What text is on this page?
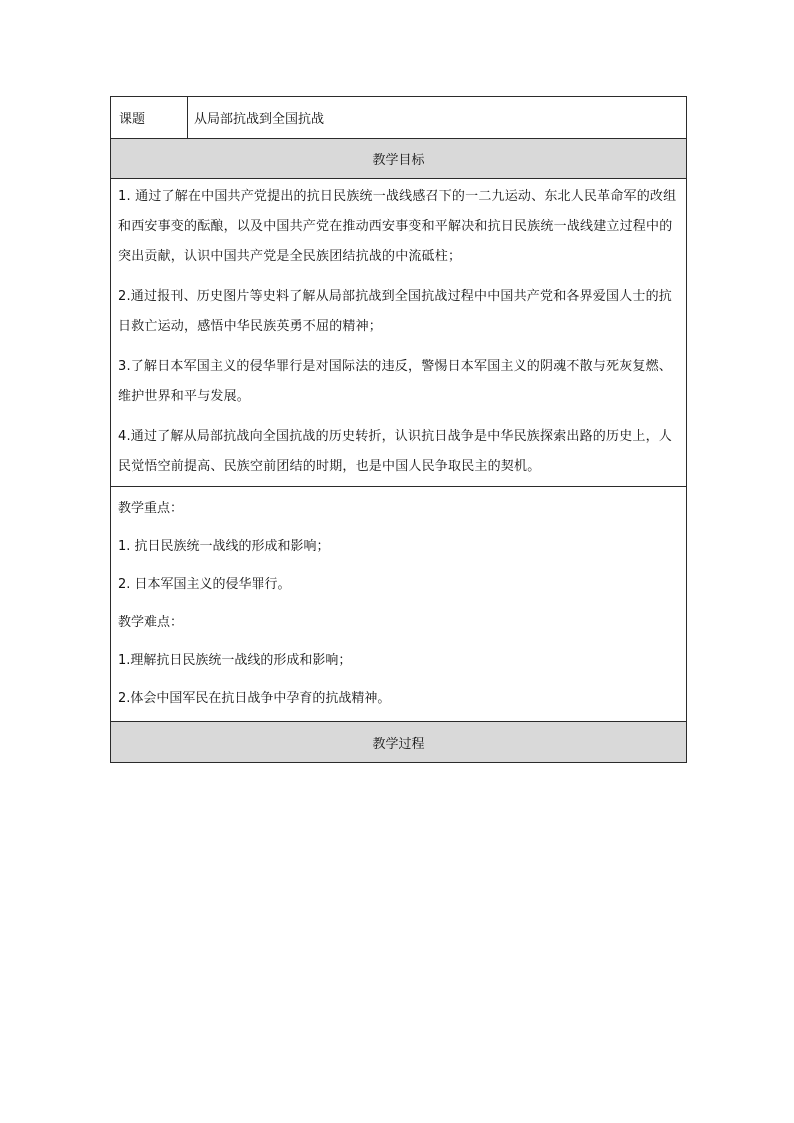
课题	从局部抗战到全国抗战
教学目标

1. 通过了解在中国共产党提出的抗日民族统一战线感召下的一二九运动、东北人民革命军的改组和西安事变的酝酿，以及中国共产党在推动西安事变和平解决和抗日民族统一战线建立过程中的突出贡献，认识中国共产党是全民族团结抗战的中流砥柱；

2.通过报刊、历史图片等史料了解从局部抗战到全国抗战过程中中国共产党和各界爱国人士的抗日救亡运动，感悟中华民族英勇不屈的精神；

3.了解日本军国主义的侵华罪行是对国际法的违反，警惕日本军国主义的阴魂不散与死灰复燃、维护世界和平与发展。

4.通过了解从局部抗战向全国抗战的历史转折，认识抗日战争是中华民族探索出路的历史上，人民觉悟空前提高、民族空前团结的时期，也是中国人民争取民主的契机。

教学重点：
1. 抗日民族统一战线的形成和影响；
2. 日本军国主义的侵华罪行。
教学难点：
1.理解抗日民族统一战线的形成和影响；
2.体会中国军民在抗日战争中孕育的抗战精神。
教学过程
